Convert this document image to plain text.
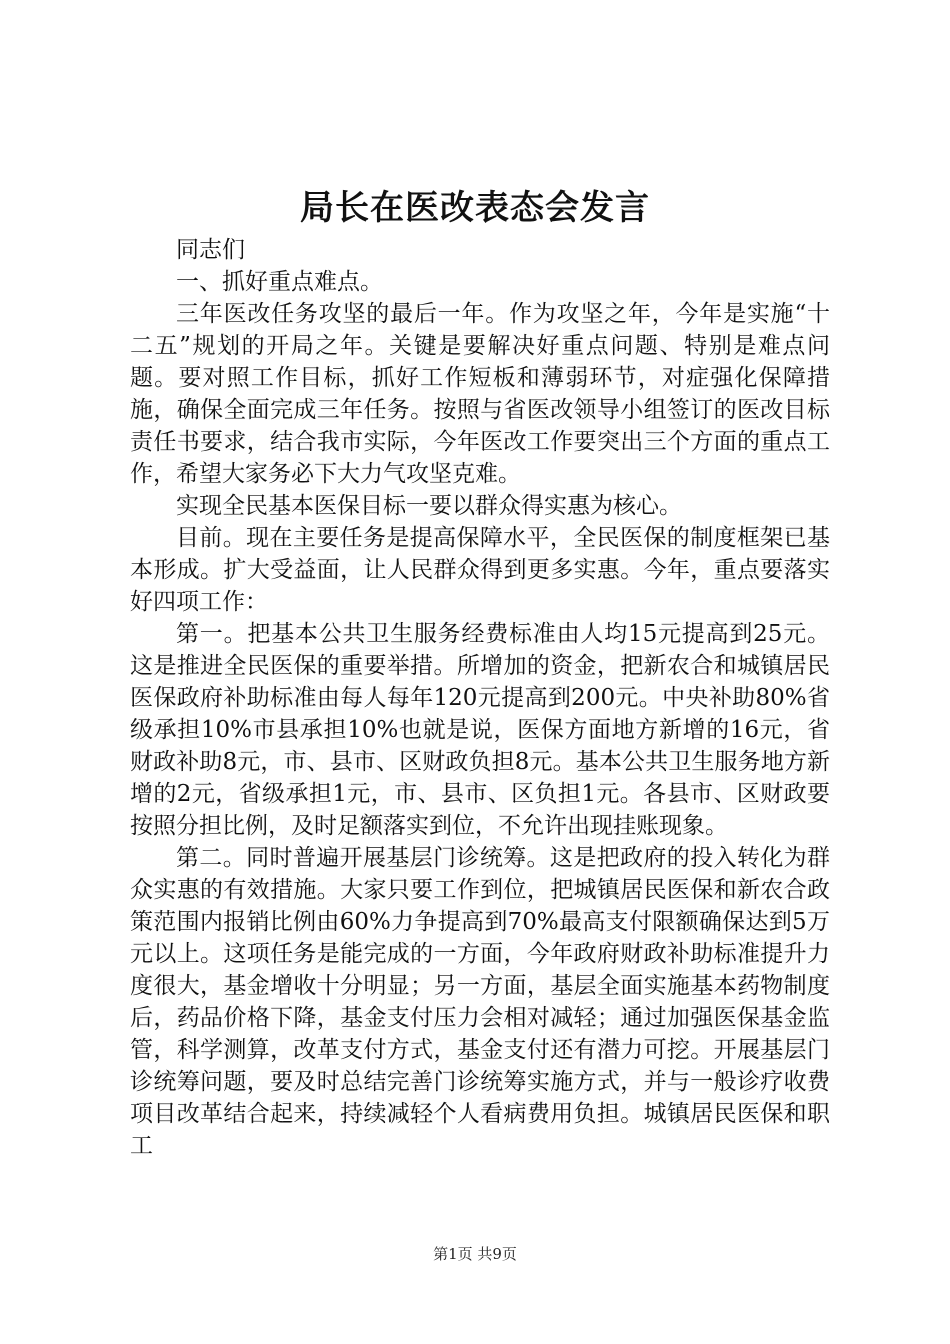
局长在医改表态会发言

同志们

一、抓好重点难点。

三年医改任务攻坚的最后一年。作为攻坚之年，今年是实施“十二五”规划的开局之年。关键是要解决好重点问题、特别是难点问题。要对照工作目标，抓好工作短板和薄弱环节，对症强化保障措施，确保全面完成三年任务。按照与省医改领导小组签订的医改目标责任书要求，结合我市实际，今年医改工作要突出三个方面的重点工作，希望大家务必下大力气攻坚克难。

实现全民基本医保目标一要以群众得实惠为核心。

目前。现在主要任务是提高保障水平，全民医保的制度框架已基本形成。扩大受益面，让人民群众得到更多实惠。今年，重点要落实好四项工作：

第一。把基本公共卫生服务经费标准由人均15元提高到25元。这是推进全民医保的重要举措。所增加的资金，把新农合和城镇居民医保政府补助标准由每人每年120元提高到200元。中央补助80%省级承担10%市县承担10%也就是说，医保方面地方新增的16元，省财政补助8元，市、县市、区财政负担8元。基本公共卫生服务地方新增的2元，省级承担1元，市、县市、区负担1元。各县市、区财政要按照分担比例，及时足额落实到位，不允许出现挂账现象。

第二。同时普遍开展基层门诊统筹。这是把政府的投入转化为群众实惠的有效措施。大家只要工作到位，把城镇居民医保和新农合政策范围内报销比例由60%力争提高到70%最高支付限额确保达到5万元以上。这项任务是能完成的一方面，今年政府财政补助标准提升力度很大，基金增收十分明显；另一方面，基层全面实施基本药物制度后，药品价格下降，基金支付压力会相对减轻；通过加强医保基金监管，科学测算，改革支付方式，基金支付还有潜力可挖。开展基层门诊统筹问题，要及时总结完善门诊统筹实施方式，并与一般诊疗收费项目改革结合起来，持续减轻个人看病费用负担。城镇居民医保和职工

第1页 共9页
